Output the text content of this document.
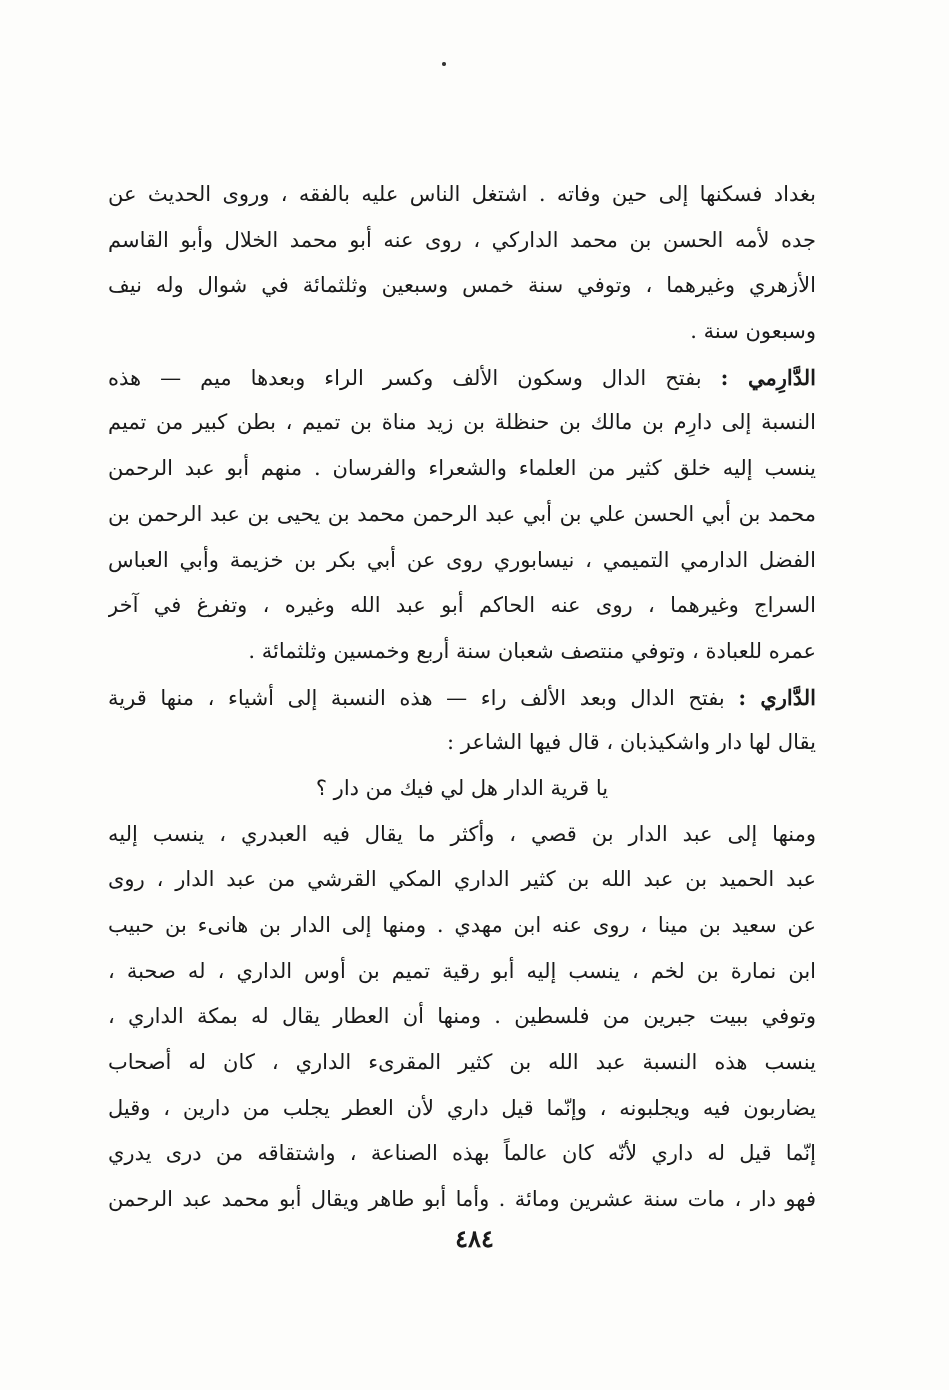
بغداد فسكنها إلى حين وفاته . اشتغل الناس عليه بالفقه ، وروى الحديث عن
جده لأمه الحسن بن محمد الداركي ، روى عنه أبو محمد الخلال وأبو القاسم
الأزهري وغيرهما ، وتوفي سنة خمس وسبعين وثلثمائة في شوال وله نيف
وسبعون سنة .
الدَّارِمي : بفتح الدال وسكون الألف وكسر الراء وبعدها ميم — هذه
النسبة إلى دارِم بن مالك بن حنظلة بن زيد مناة بن تميم ، بطن كبير من تميم
ينسب إليه خلق كثير من العلماء والشعراء والفرسان . منهم أبو عبد الرحمن
محمد بن أبي الحسن علي بن أبي عبد الرحمن محمد بن يحيى بن عبد الرحمن بن
الفضل الدارمي التميمي ، نيسابوري روى عن أبي بكر بن خزيمة وأبي العباس
السراج وغيرهما ، روى عنه الحاكم أبو عبد الله وغيره ، وتفرغ في آخر
عمره للعبادة ، وتوفي منتصف شعبان سنة أربع وخمسين وثلثمائة .
الدَّاري : بفتح الدال وبعد الألف راء — هذه النسبة إلى أشياء ، منها قرية
يقال لها دار واشكيذبان ، قال فيها الشاعر :
يا قرية الدار هل لي فيك من دار ؟
ومنها إلى عبد الدار بن قصي ، وأكثر ما يقال فيه العبدري ، ينسب إليه
عبد الحميد بن عبد الله بن كثير الداري المكي القرشي من عبد الدار ، روى
عن سعيد بن مينا ، روى عنه ابن مهدي . ومنها إلى الدار بن هانىء بن حبيب
ابن نمارة بن لخم ، ينسب إليه أبو رقية تميم بن أوس الداري ، له صحبة ،
وتوفي ببيت جبرين من فلسطين . ومنها أن العطار يقال له بمكة الداري ،
ينسب هذه النسبة عبد الله بن كثير المقرىء الداري ، كان له أصحاب
يضاربون فيه ويجلبونه ، وإنّما قيل داري لأن العطر يجلب من دارين ، وقيل
إنّما قيل له داري لأنّه كان عالماً بهذه الصناعة ، واشتقاقه من درى يدري
فهو دار ، مات سنة عشرين ومائة . وأما أبو طاهر ويقال أبو محمد عبد الرحمن
٤٨٤
